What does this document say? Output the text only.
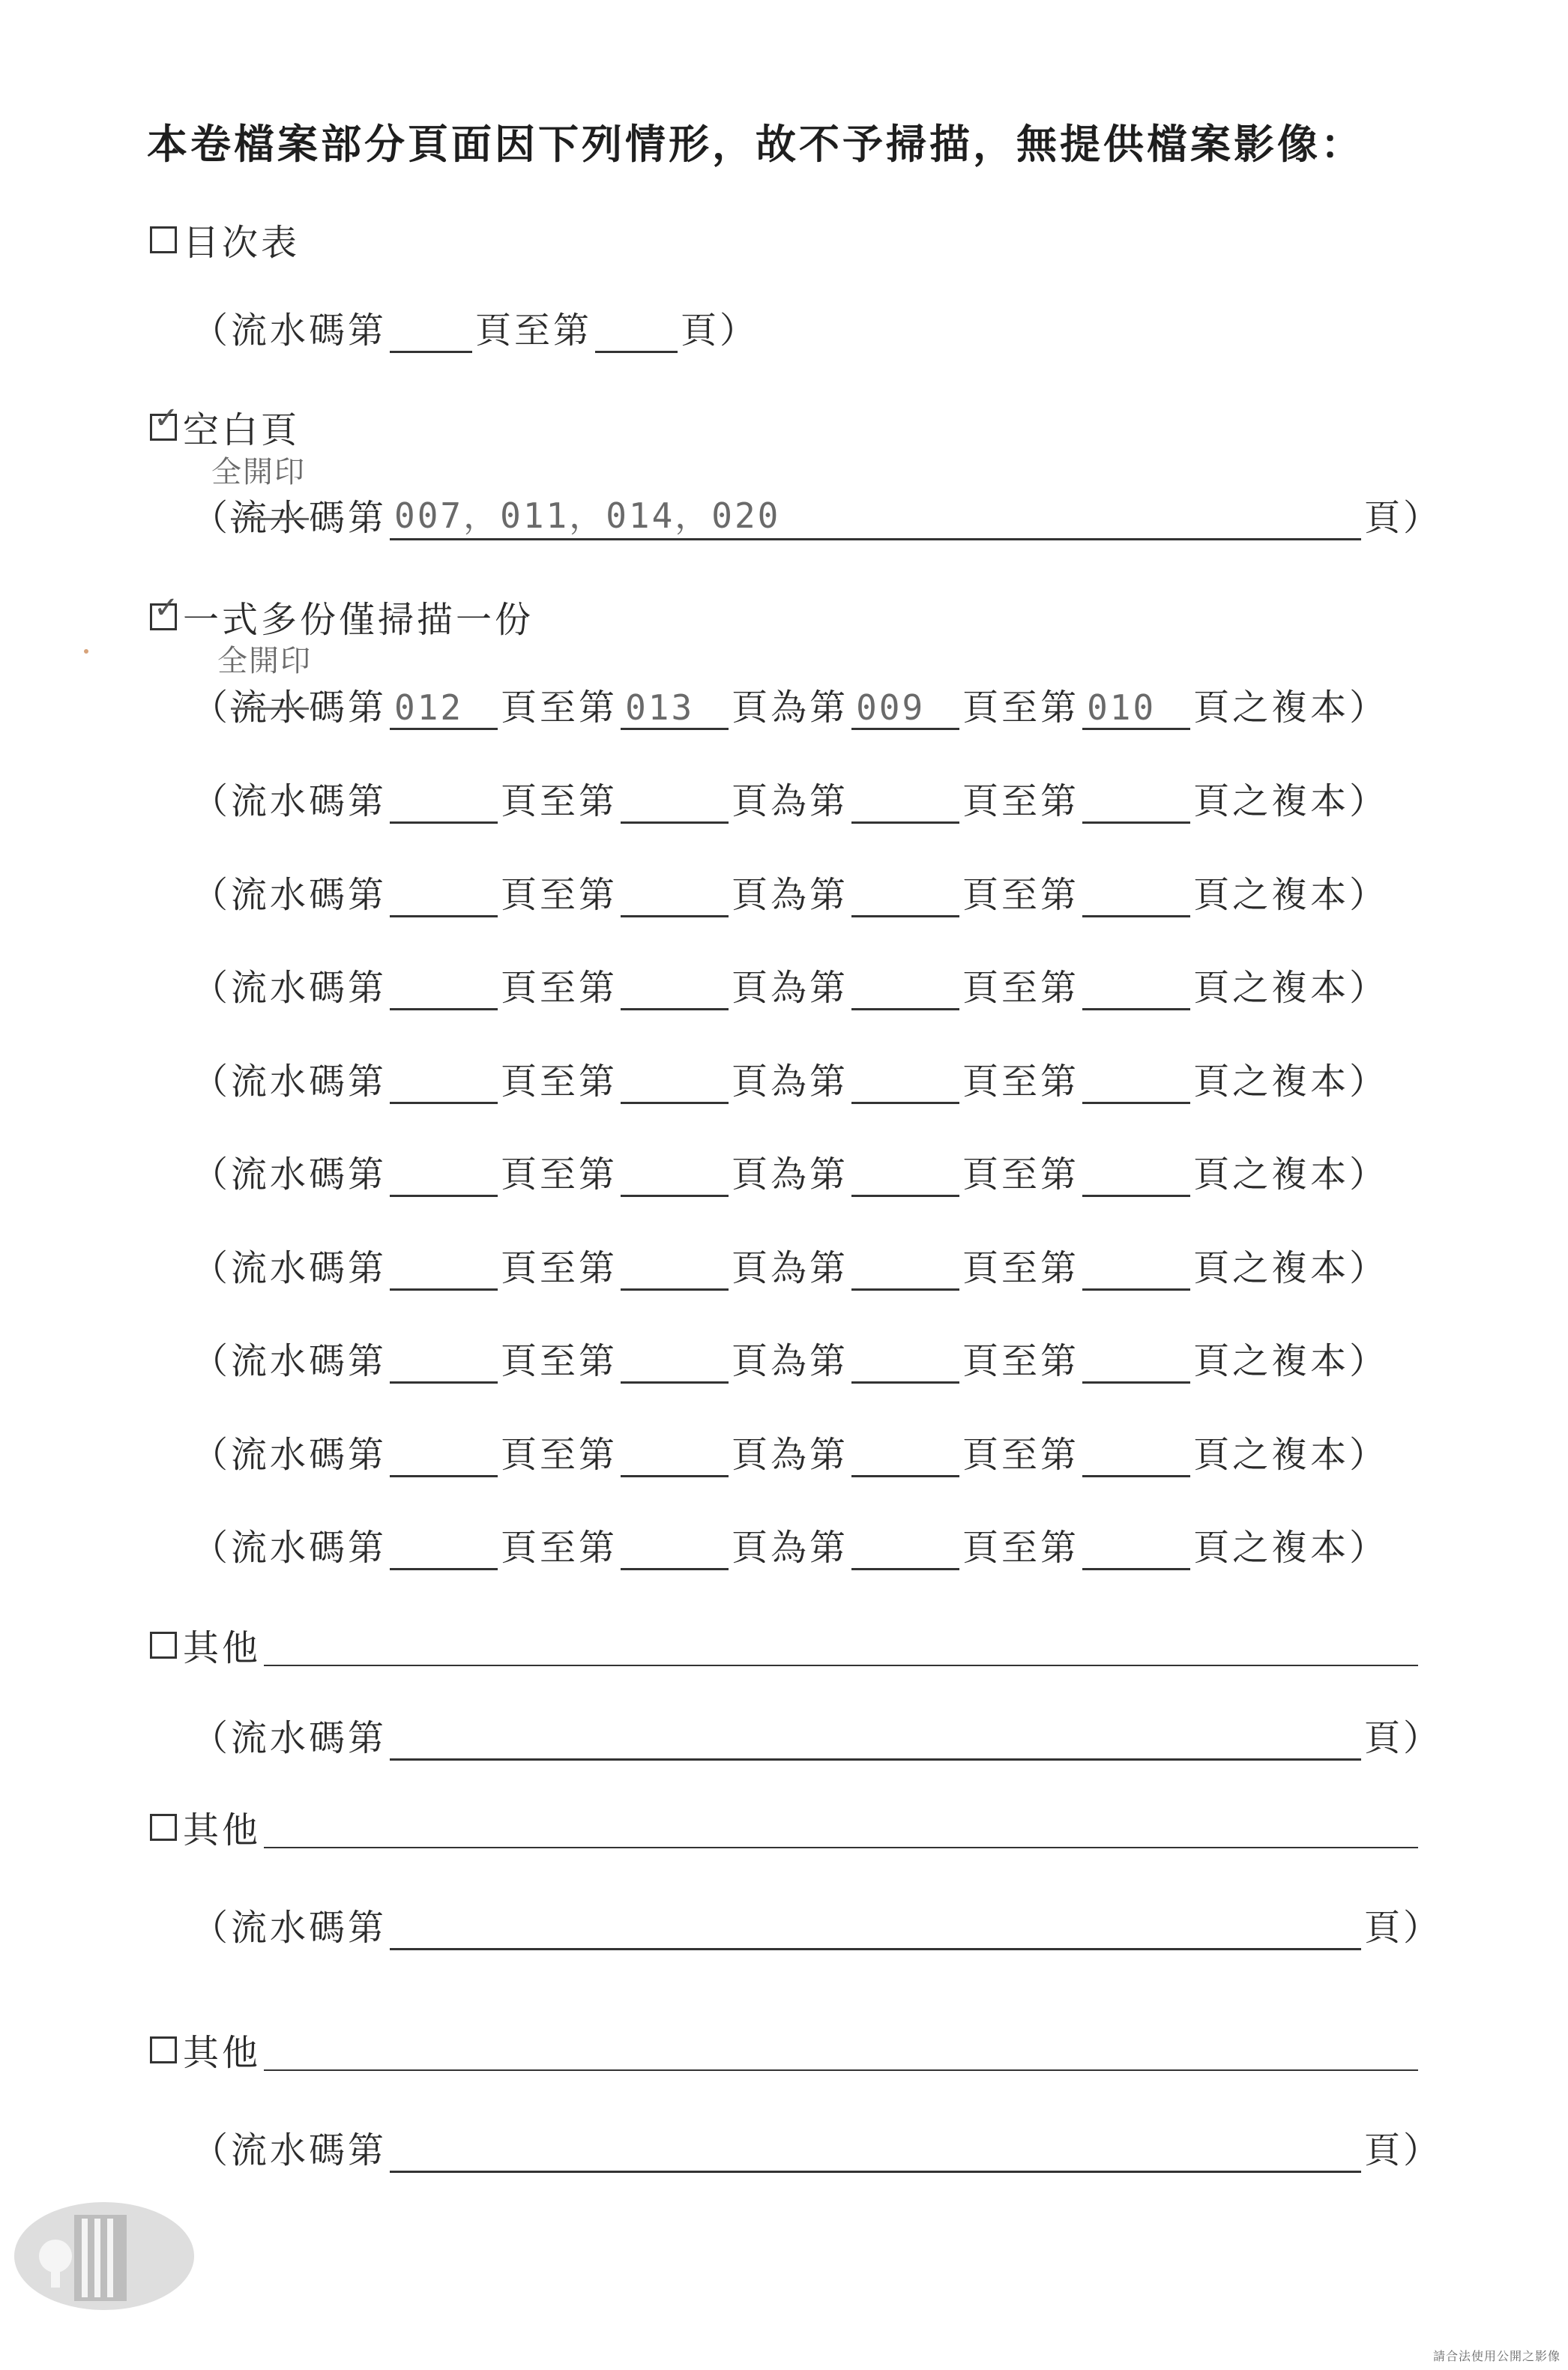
本卷檔案部分頁面因下列情形，故不予掃描，無提供檔案影像：
目次表
（流水碼第 頁至第 頁）
✓ 空白頁
全開印
（流水碼第 007，011，014，020	頁）
✓ 一式多份僅掃描一份
全開印
（流水碼第 012 頁至第 013 頁為第 009 頁至第 010 頁之複本）
（流水碼第	頁至第	頁為第	頁至第	頁之複本）
（流水碼第	頁至第	頁為第	頁至第	頁之複本）
（流水碼第	頁至第	頁為第	頁至第	頁之複本）
（流水碼第	頁至第	頁為第	頁至第	頁之複本）
（流水碼第	頁至第	頁為第	頁至第	頁之複本）
（流水碼第	頁至第	頁為第	頁至第	頁之複本）
（流水碼第	頁至第	頁為第	頁至第	頁之複本）
（流水碼第	頁至第	頁為第	頁至第	頁之複本）
（流水碼第	頁至第	頁為第	頁至第	頁之複本）
其他
（流水碼第	頁）
其他
（流水碼第	頁）
其他
（流水碼第	頁）
請合法使用公開之影像
